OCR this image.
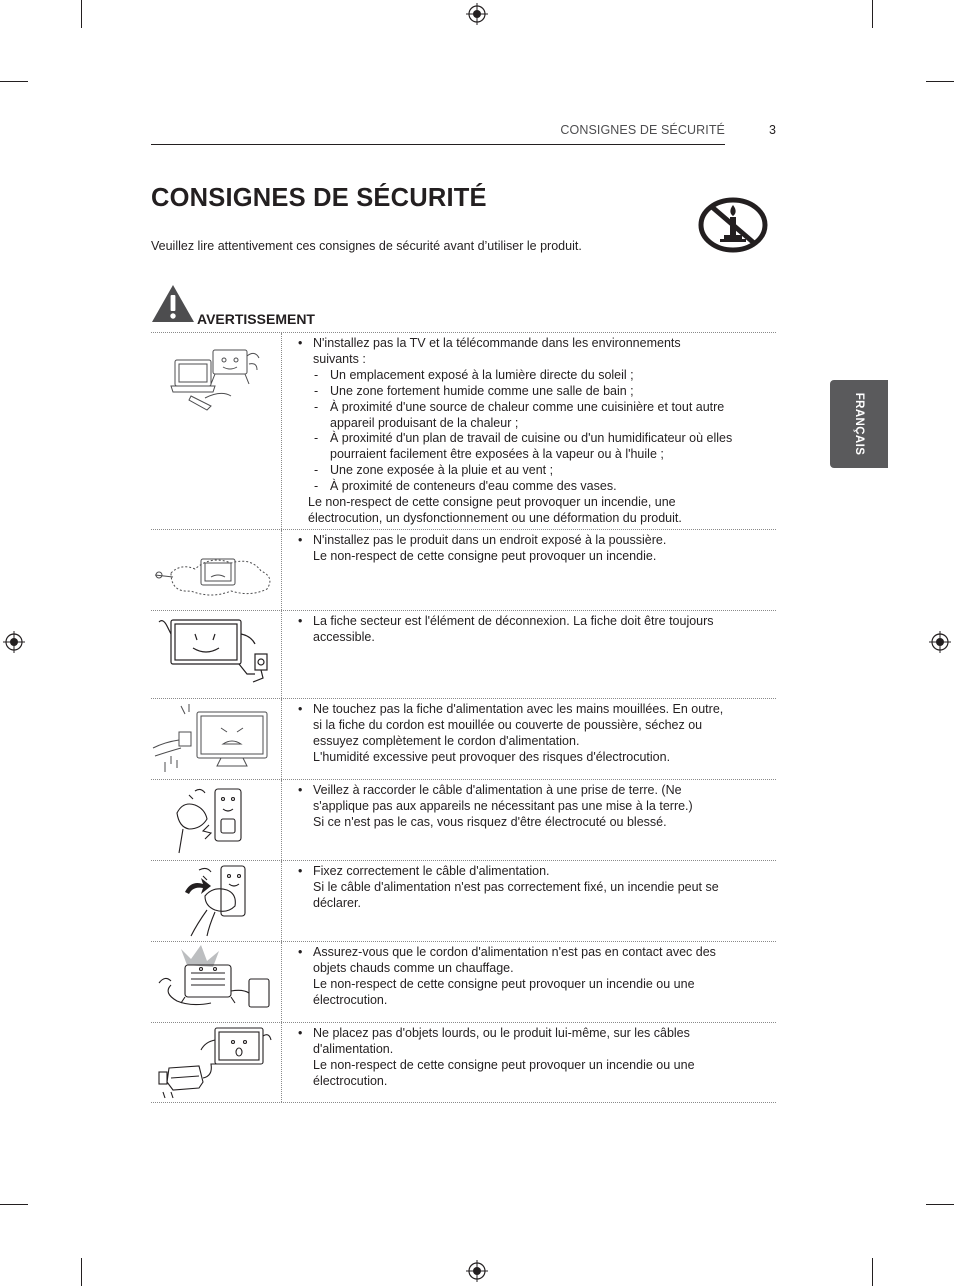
CONSIGNES DE SÉCURITÉ	3
CONSIGNES DE SÉCURITÉ

Veuillez lire attentivement ces consignes de sécurité avant d’utiliser le produit.

AVERTISSEMENT
FRANÇAIS
• N'installez pas la TV et la télécommande dans les environnements
suivants :
- Un emplacement exposé à la lumière directe du soleil ;
- Une zone fortement humide comme une salle de bain ;
- À proximité d'une source de chaleur comme une cuisinière et tout autre
appareil produisant de la chaleur ;
- À proximité d'un plan de travail de cuisine ou d'un humidificateur où elles
pourraient facilement être exposées à la vapeur ou à l'huile ;
- Une zone exposée à la pluie et au vent ;
- À proximité de conteneurs d'eau comme des vases.
Le non-respect de cette consigne peut provoquer un incendie, une
électrocution, un dysfonctionnement ou une déformation du produit.
• N'installez pas le produit dans un endroit exposé à la poussière.
Le non-respect de cette consigne peut provoquer un incendie.
• La fiche secteur est l'élément de déconnexion. La fiche doit être toujours
accessible.
• Ne touchez pas la fiche d'alimentation avec les mains mouillées. En outre,
si la fiche du cordon est mouillée ou couverte de poussière, séchez ou
essuyez complètement le cordon d'alimentation.
L'humidité excessive peut provoquer des risques d'électrocution.
• Veillez à raccorder le câble d'alimentation à une prise de terre. (Ne
s'applique pas aux appareils ne nécessitant pas une mise à la terre.)
Si ce n'est pas le cas, vous risquez d'être électrocuté ou blessé.
• Fixez correctement le câble d'alimentation.
Si le câble d'alimentation n'est pas correctement fixé, un incendie peut se
déclarer.
• Assurez-vous que le cordon d'alimentation n'est pas en contact avec des
objets chauds comme un chauffage.
Le non-respect de cette consigne peut provoquer un incendie ou une
électrocution.
• Ne placez pas d'objets lourds, ou le produit lui-même, sur les câbles
d'alimentation.
Le non-respect de cette consigne peut provoquer un incendie ou une
électrocution.
